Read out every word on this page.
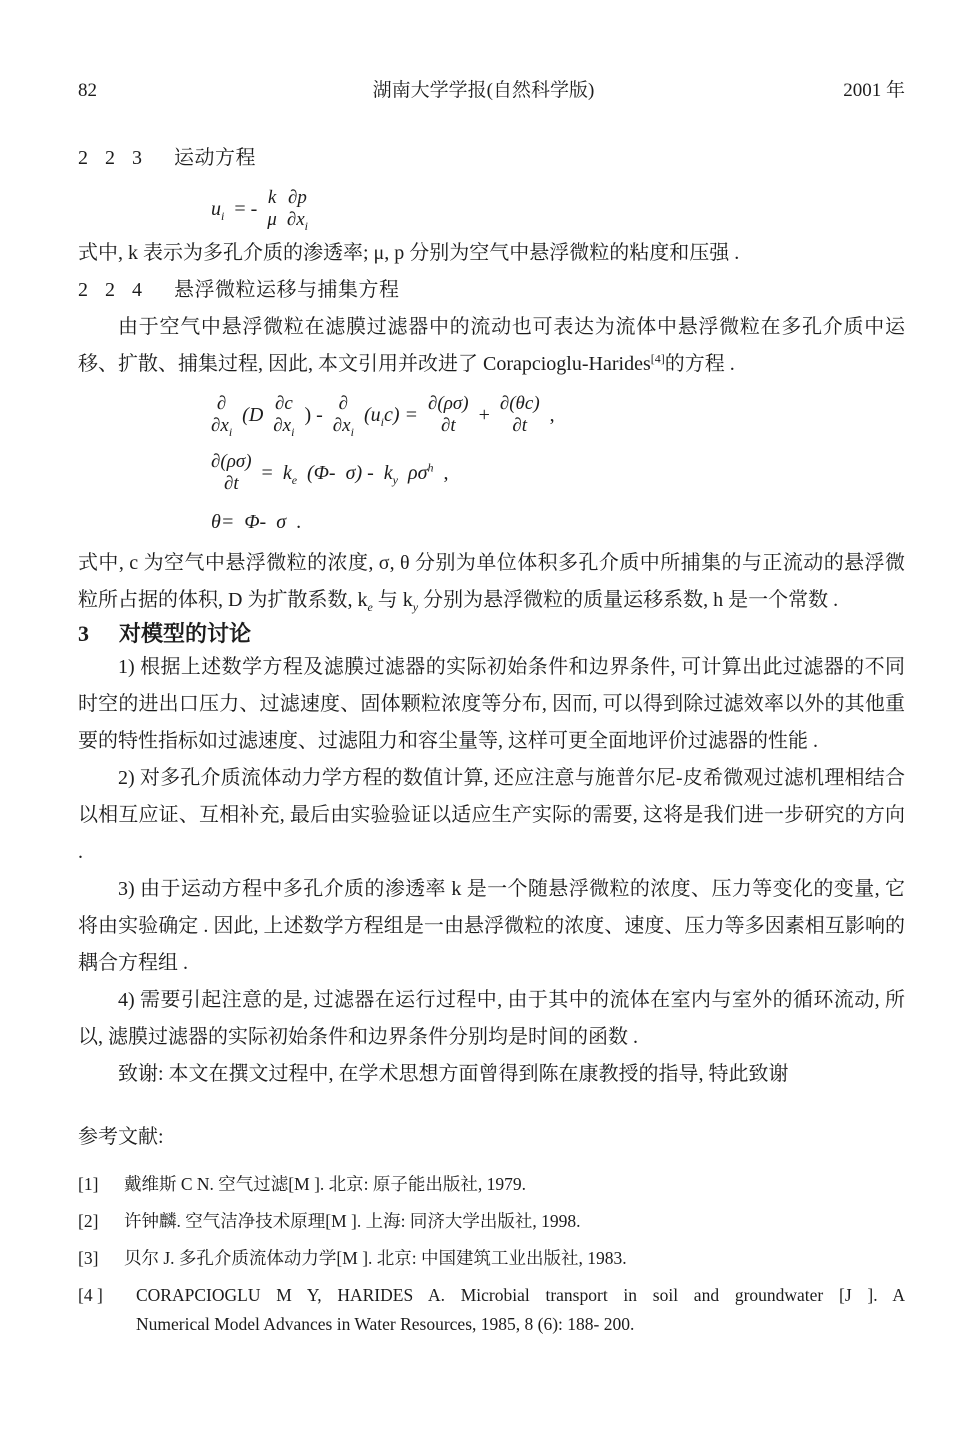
湖南大学学报(自然科学版)
82	2001 年

2 2 3 运动方程

$u_i$ = -
k
μ
∂p
$\partial x_i$

式中, k 表示为多孔介质的渗透率; μ, p 分别为空气中悬浮微粒的粘度和压强 .

2 2 4 悬浮微粒运移与捕集方程

由于空气中悬浮微粒在滤膜过滤器中的流动也可表达为流体中悬浮微粒在多孔介质中运移、扩散、捕集过程, 因此, 本文引用并改进了 Corapcioglu-Harides[4]的方程 .

∂
$\partial x_i$
(D
∂c
$\partial x_i$
) -
∂
$\partial x_i$
$(u_ic)$ =
∂(ρσ)
∂t +
∂(θc)
∂t ,
∂(ρσ)
$\partial t = k_e$ (Φ- $\sigma) - k_y$ $\rho\sigma^h$ ,
θ= Φ- σ .

式中, c 为空气中悬浮微粒的浓度, σ, θ 分别为单位体积多孔介质中所捕集的与正流动的悬浮微粒所占据的体积, D 为扩散系数, $k_e$ 与 $k_y$ 分别为悬浮微粒的质量运移系数, h 是一个常数 .

3 对模型的讨论

1) 根据上述数学方程及滤膜过滤器的实际初始条件和边界条件, 可计算出此过滤器的不同时空的进出口压力、过滤速度、固体颗粒浓度等分布, 因而, 可以得到除过滤效率以外的其他重要的特性指标如过滤速度、过滤阻力和容尘量等, 这样可更全面地评价过滤器的性能 .

2) 对多孔介质流体动力学方程的数值计算, 还应注意与施普尔尼-皮希微观过滤机理相结合以相互应证、互相补充, 最后由实验验证以适应生产实际的需要, 这将是我们进一步研究的方向 .

3) 由于运动方程中多孔介质的渗透率 k 是一个随悬浮微粒的浓度、压力等变化的变量, 它将由实验确定 . 因此, 上述数学方程组是一由悬浮微粒的浓度、速度、压力等多因素相互影响的耦合方程组 .

4) 需要引起注意的是, 过滤器在运行过程中, 由于其中的流体在室内与室外的循环流动, 所以, 滤膜过滤器的实际初始条件和边界条件分别均是时间的函数 .

致谢: 本文在撰文过程中, 在学术思想方面曾得到陈在康教授的指导, 特此致谢

参考文献:

[1]	戴维斯 C N. 空气过滤[M ]. 北京: 原子能出版社, 1979.
[2]	许钟麟. 空气洁净技术原理[M ]. 上海: 同济大学出版社, 1998.
[3]	贝尔 J. 多孔介质流体动力学[M ]. 北京: 中国建筑工业出版社, 1983.
[4 ]	CORAPCIOGLU M Y, HARIDES A. Microbial transport in soil and groundwater [J ]. A
Numerical Model Advances in Water Resources, 1985, 8 (6): 188- 200.
